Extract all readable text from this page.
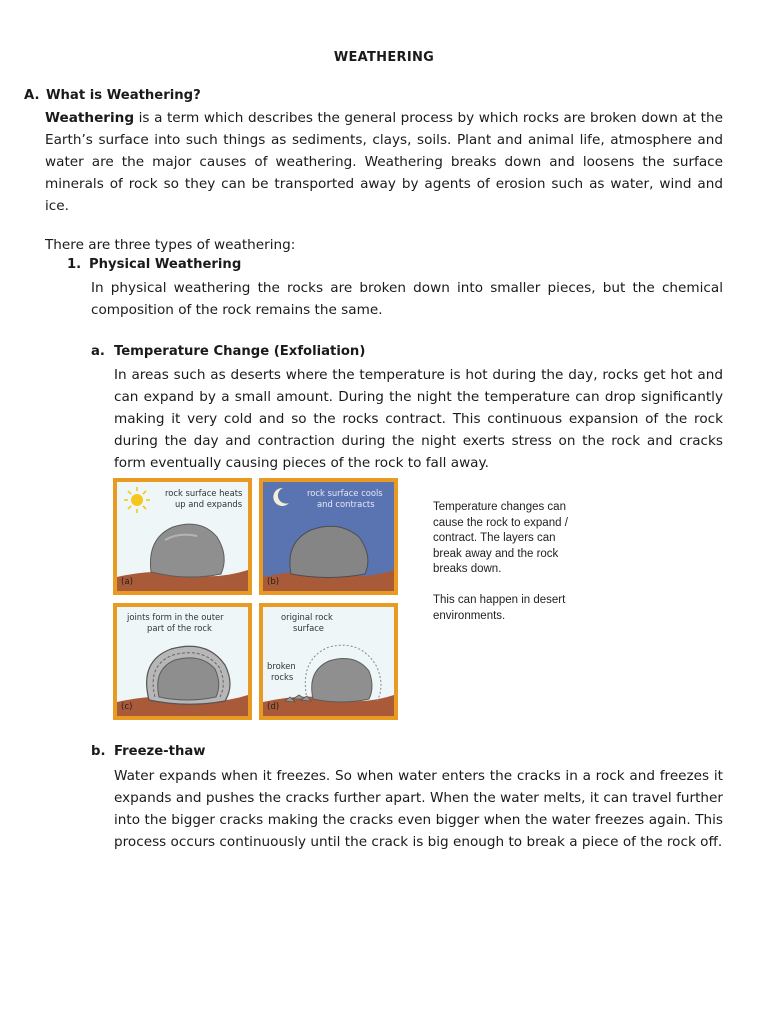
WEATHERING
A. What is Weathering?
Weathering is a term which describes the general process by which rocks are broken down at the Earth’s surface into such things as sediments, clays, soils. Plant and animal life, atmosphere and water are the major causes of weathering. Weathering breaks down and loosens the surface minerals of rock so they can be transported away by agents of erosion such as water, wind and ice.
There are three types of weathering:
1. Physical Weathering
In physical weathering the rocks are broken down into smaller pieces, but the chemical composition of the rock remains the same.
a. Temperature Change (Exfoliation)
In areas such as deserts where the temperature is hot during the day, rocks get hot and can expand by a small amount. During the night the temperature can drop significantly making it very cold and so the rocks contract. This continuous expansion of the rock during the day and contraction during the night exerts stress on the rock and cracks form eventually causing pieces of the rock to fall away.
rock surface heats
up and expands
(a)
rock surface cools
and contracts
(b)
joints form in the outer
part of the rock
(c)
original rock
surface
broken
rocks
(d)

Temperature changes can cause the rock to expand / contract. The layers can break away and the rock breaks down.

This can happen in desert environments.

b. Freeze-thaw
Water expands when it freezes. So when water enters the cracks in a rock and freezes it expands and pushes the cracks further apart. When the water melts, it can travel further into the bigger cracks making the cracks even bigger when the water freezes again. This process occurs continuously until the crack is big enough to break a piece of the rock off.
